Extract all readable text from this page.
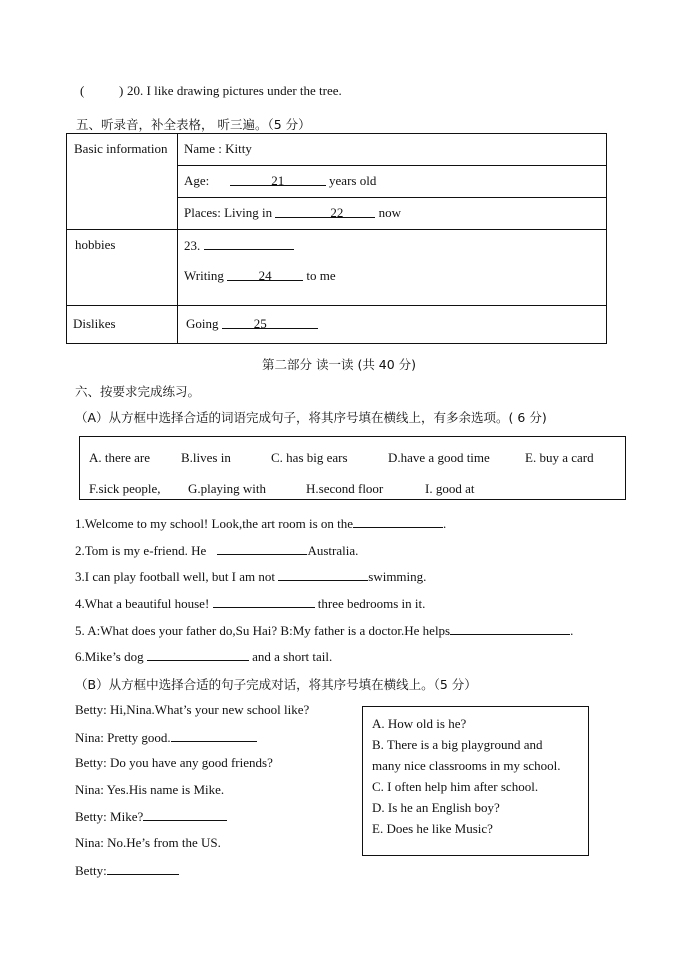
(	) 20. I like drawing pictures under the tree.
五、听录音，补全表格， 听三遍。（5 分）
Basic information	Name : Kitty

	Age: 21 years old

	Places: Living in 22 now

hobbies	23.
Writing 24 to me

Dislikes	Going 25
第二部分 读一读 (共 40 分)
六、按要求完成练习。
（A）从方框中选择合适的词语完成句子，将其序号填在横线上，有多余选项。( 6 分)
A. there are B.lives in	C. has big ears	D.have a good time	E. buy a card
F.sick people, G.playing with	H.second floor	I. good at
1.Welcome to my school! Look,the art room is on the	.
2.Tom is my e-friend. He	Australia.
3.I can play football well, but I am not	swimming.
4.What a beautiful house!	three bedrooms in it.
5. A:What does your father do,Su Hai? B:My father is a doctor.He helps	.
6.Mike’s dog	and a short tail.
（B）从方框中选择合适的句子完成对话，将其序号填在横线上。（5 分）
Betty: Hi,Nina.What’s your new school like?
Nina: Pretty good.
Betty: Do you have any good friends?
Nina: Yes.His name is Mike.
Betty: Mike?
Nina: No.He’s from the US.
Betty:
A. How old is he?
B. There is a big playground and
many nice classrooms in my school.
C. I often help him after school.
D. Is he an English boy?
E. Does he like Music?
